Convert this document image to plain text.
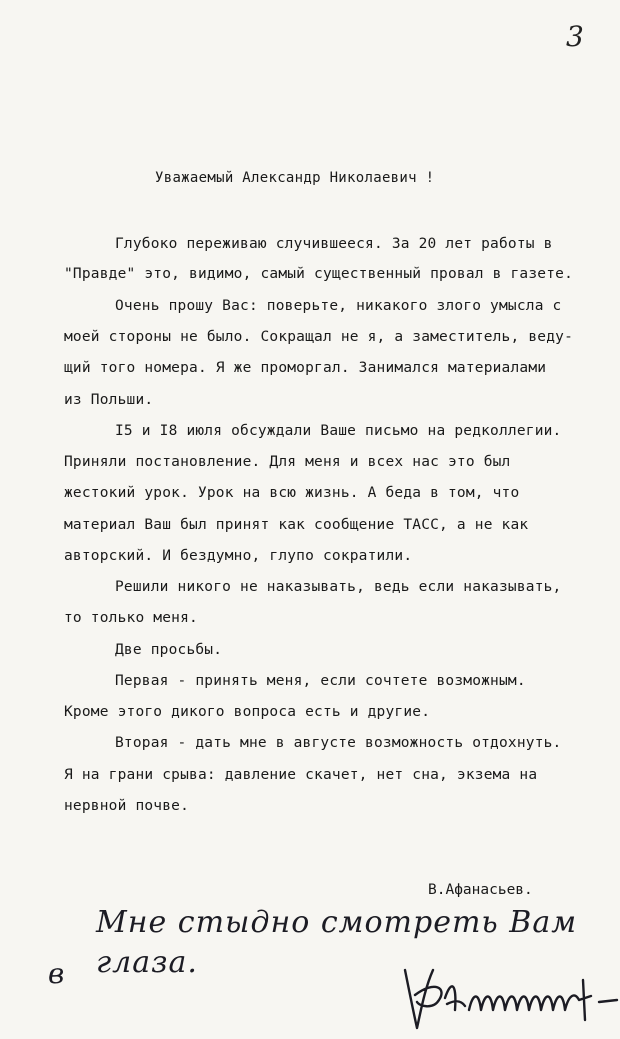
3
Уважаемый Александр Николаевич !
Глубоко переживаю случившееся. За 20 лет работы в
"Правде" это, видимо, самый существенный провал в газете.
Очень прошу Вас: поверьте, никакого злого умысла с
моей стороны не было. Сокращал не я, а заместитель, веду-
щий того номера. Я же проморгал. Занимался материалами
из Польши.
I5 и I8 июля обсуждали Ваше письмо на редколлегии.
Приняли постановление. Для меня и всех нас это был
жестокий урок. Урок на всю жизнь. А беда в том, что
материал Ваш был принят как сообщение ТАСС, а не как
авторский. И бездумно, глупо сократили.
Решили никого не наказывать, ведь если наказывать,
то только меня.
Две просьбы.
Первая - принять меня, если сочтете возможным.
Кроме этого дикого вопроса есть и другие.
Вторая - дать мне в августе возможность отдохнуть.
Я на грани срыва: давление скачет, нет сна, экзема на
нервной почве.
В.Афанасьев.
Мне стыдно смотреть Вам
в глаза.
